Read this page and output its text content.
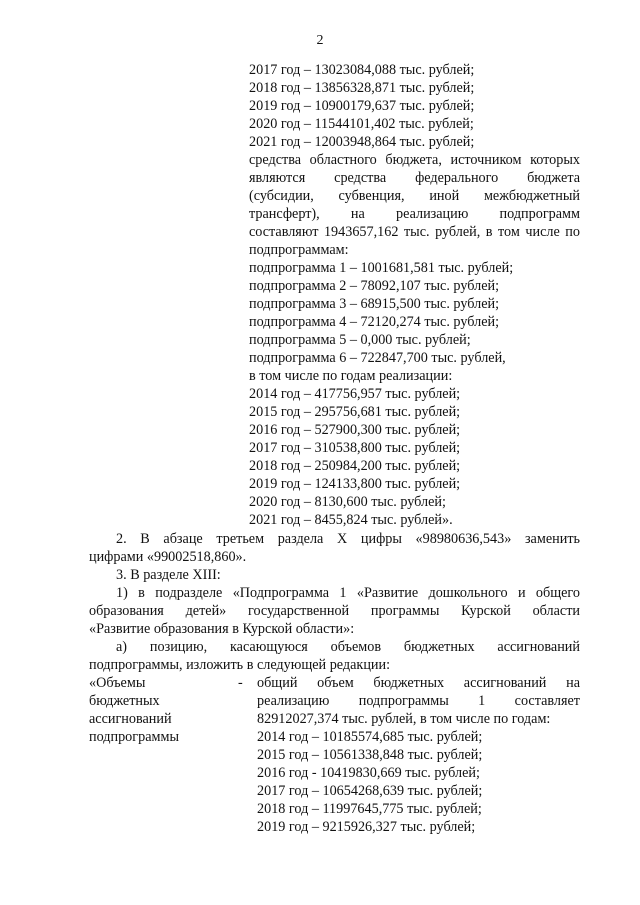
2
2017 год – 13023084,088 тыс. рублей;
2018 год – 13856328,871 тыс. рублей;
2019 год – 10900179,637 тыс. рублей;
2020 год – 11544101,402 тыс. рублей;
2021 год – 12003948,864 тыс. рублей;
средства областного бюджета, источником которых
являются средства федерального бюджета
(субсидии, субвенция, иной межбюджетный
трансферт), на реализацию подпрограмм
составляют 1943657,162 тыс. рублей, в том числе по
подпрограммам:
подпрограмма 1 – 1001681,581 тыс. рублей;
подпрограмма 2 – 78092,107 тыс. рублей;
подпрограмма 3 – 68915,500 тыс. рублей;
подпрограмма 4 – 72120,274 тыс. рублей;
подпрограмма 5 – 0,000 тыс. рублей;
подпрограмма 6 – 722847,700 тыс. рублей,
в том числе по годам реализации:
2014 год – 417756,957 тыс. рублей;
2015 год – 295756,681 тыс. рублей;
2016 год – 527900,300 тыс. рублей;
2017 год – 310538,800 тыс. рублей;
2018 год – 250984,200 тыс. рублей;
2019 год – 124133,800 тыс. рублей;
2020 год – 8130,600 тыс. рублей;
2021 год – 8455,824 тыс. рублей».
2. В абзаце третьем раздела X цифры «98980636,543» заменить
цифрами «99002518,860».
3. В разделе XIII:
1) в подразделе «Подпрограмма 1 «Развитие дошкольного и общего
образования детей» государственной программы Курской области
«Развитие образования в Курской области»:
а) позицию, касающуюся объемов бюджетных ассигнований
подпрограммы, изложить в следующей редакции:
«Объемы
бюджетных
ассигнований
подпрограммы
- общий объем бюджетных ассигнований на
реализацию подпрограммы 1 составляет
82912027,374 тыс. рублей, в том числе по годам:
2014 год – 10185574,685 тыс. рублей;
2015 год – 10561338,848 тыс. рублей;
2016 год - 10419830,669 тыс. рублей;
2017 год – 10654268,639 тыс. рублей;
2018 год – 11997645,775 тыс. рублей;
2019 год – 9215926,327 тыс. рублей;
